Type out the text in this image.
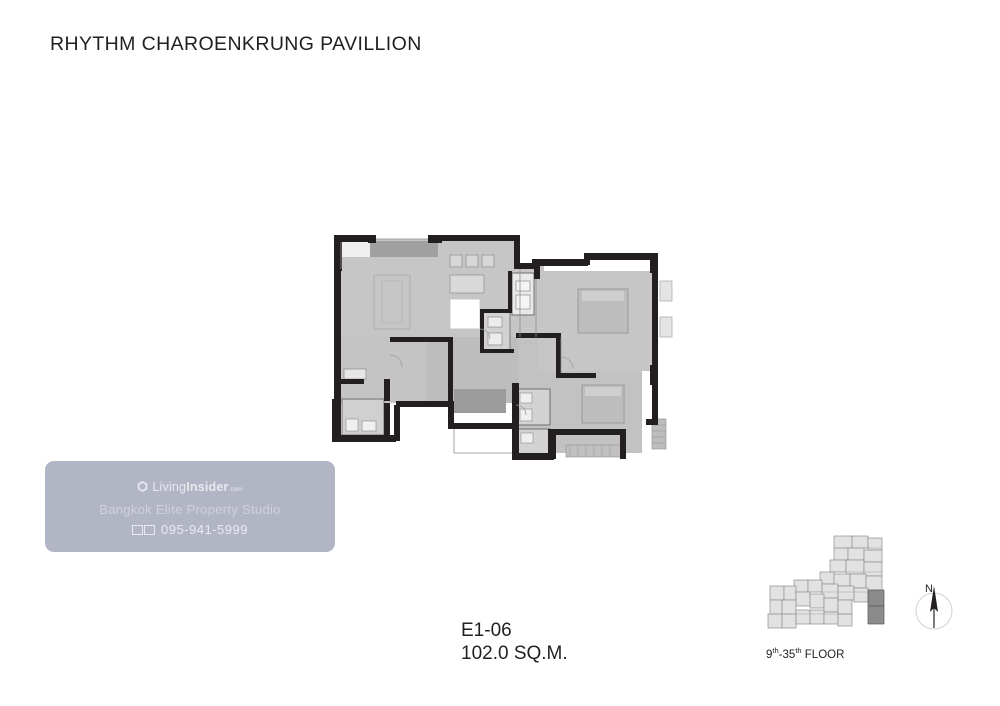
RHYTHM CHAROENKRUNG PAVILLION
LivingInsider.com
Bangkok Elite Property Studio
095-941-5999
E1-06
102.0 SQ.M.	9th-35th FLOOR
N
